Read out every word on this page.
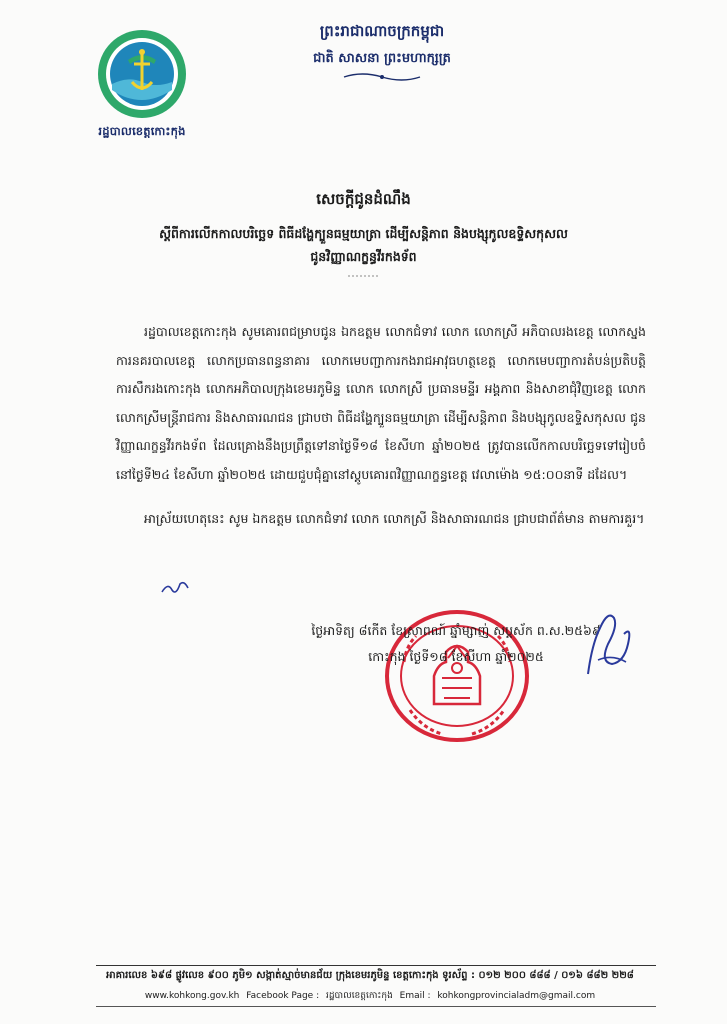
រដ្ឋបាលខេត្តកោះកុង
ព្រះរាជាណាចក្រកម្ពុជា
ជាតិ សាសនា ព្រះមហាក្សត្រ
សេចក្តីជូនដំណឹង
ស្តីពីការលើកកាលបរិច្ឆេទ ពិធីដង្ហែក្បួនធម្មយាត្រា ដើម្បីសន្តិភាព និងបង្សុកូលឧទ្ទិសកុសល
ជូនវិញ្ញាណក្ខន្ធវីរកងទ័ព

រដ្ឋបាលខេត្តកោះកុង សូមគោរពជម្រាបជូន ឯកឧត្តម លោកជំទាវ លោក លោកស្រី អភិបាលរងខេត្ត លោកស្នងការនគរបាលខេត្ត លោកប្រធានពន្ធនាគារ លោកមេបញ្ជាការកងរាជអាវុធហត្ថខេត្ត លោកមេបញ្ជាការតំបន់ប្រតិបត្តិការសឹករងកោះកុង លោកអភិបាលក្រុងខេមរភូមិន្ទ លោក លោកស្រី ប្រធានមន្ទីរ អង្គភាព និងសាខាជុំវិញខេត្ត លោក លោកស្រីមន្ត្រីរាជការ និងសាធារណជន ជ្រាបថា ពិធីដង្ហែក្បួនធម្មយាត្រា ដើម្បីសន្តិភាព និងបង្សុកូលឧទ្ទិសកុសល ជូនវិញ្ញាណក្ខន្ធវីរកងទ័ព ដែលគ្រោងនឹងប្រព្រឹត្តទៅនាថ្ងៃទី១៨ ខែសីហា ឆ្នាំ២០២៥ ត្រូវបានលើកកាលបរិច្ឆេទទៅរៀបចំនៅថ្ងៃទី២៤ ខែសីហា ឆ្នាំ២០២៥ ដោយជួបជុំគ្នានៅស្តូបគោរពវិញ្ញាណក្ខន្ធខេត្ត វេលាម៉ោង ១៥:០០នាទី ដដែល។

អាស្រ័យហេតុនេះ សូម ឯកឧត្តម លោកជំទាវ លោក លោកស្រី និងសាធារណជន ជ្រាបជាព័ត៌មាន តាមការគួរ។

ថ្ងៃអាទិត្យ ៨កើត ខែស្រាពណ៍ ឆ្នាំម្សាញ់ សប្តស័ក ព.ស.២៥៦៩
កោះកុង ថ្ងៃទី១៨ ខែសីហា ឆ្នាំ២០២៥
អាគារលេខ ៦៩៨ ផ្លូវលេខ ៩០០ ភូមិ១ សង្កាត់ស្មាច់មានជ័យ ក្រុងខេមរភូមិន្ទ ខេត្តកោះកុង ទូរស័ព្ទ : ០១២ ២០០ ៨៨៨ / ០១៦ ៨៨២ ២២៨
www.kohkong.gov.kh Facebook Page : រដ្ឋបាលខេត្តកោះកុង Email : kohkongprovincialadm@gmail.com
